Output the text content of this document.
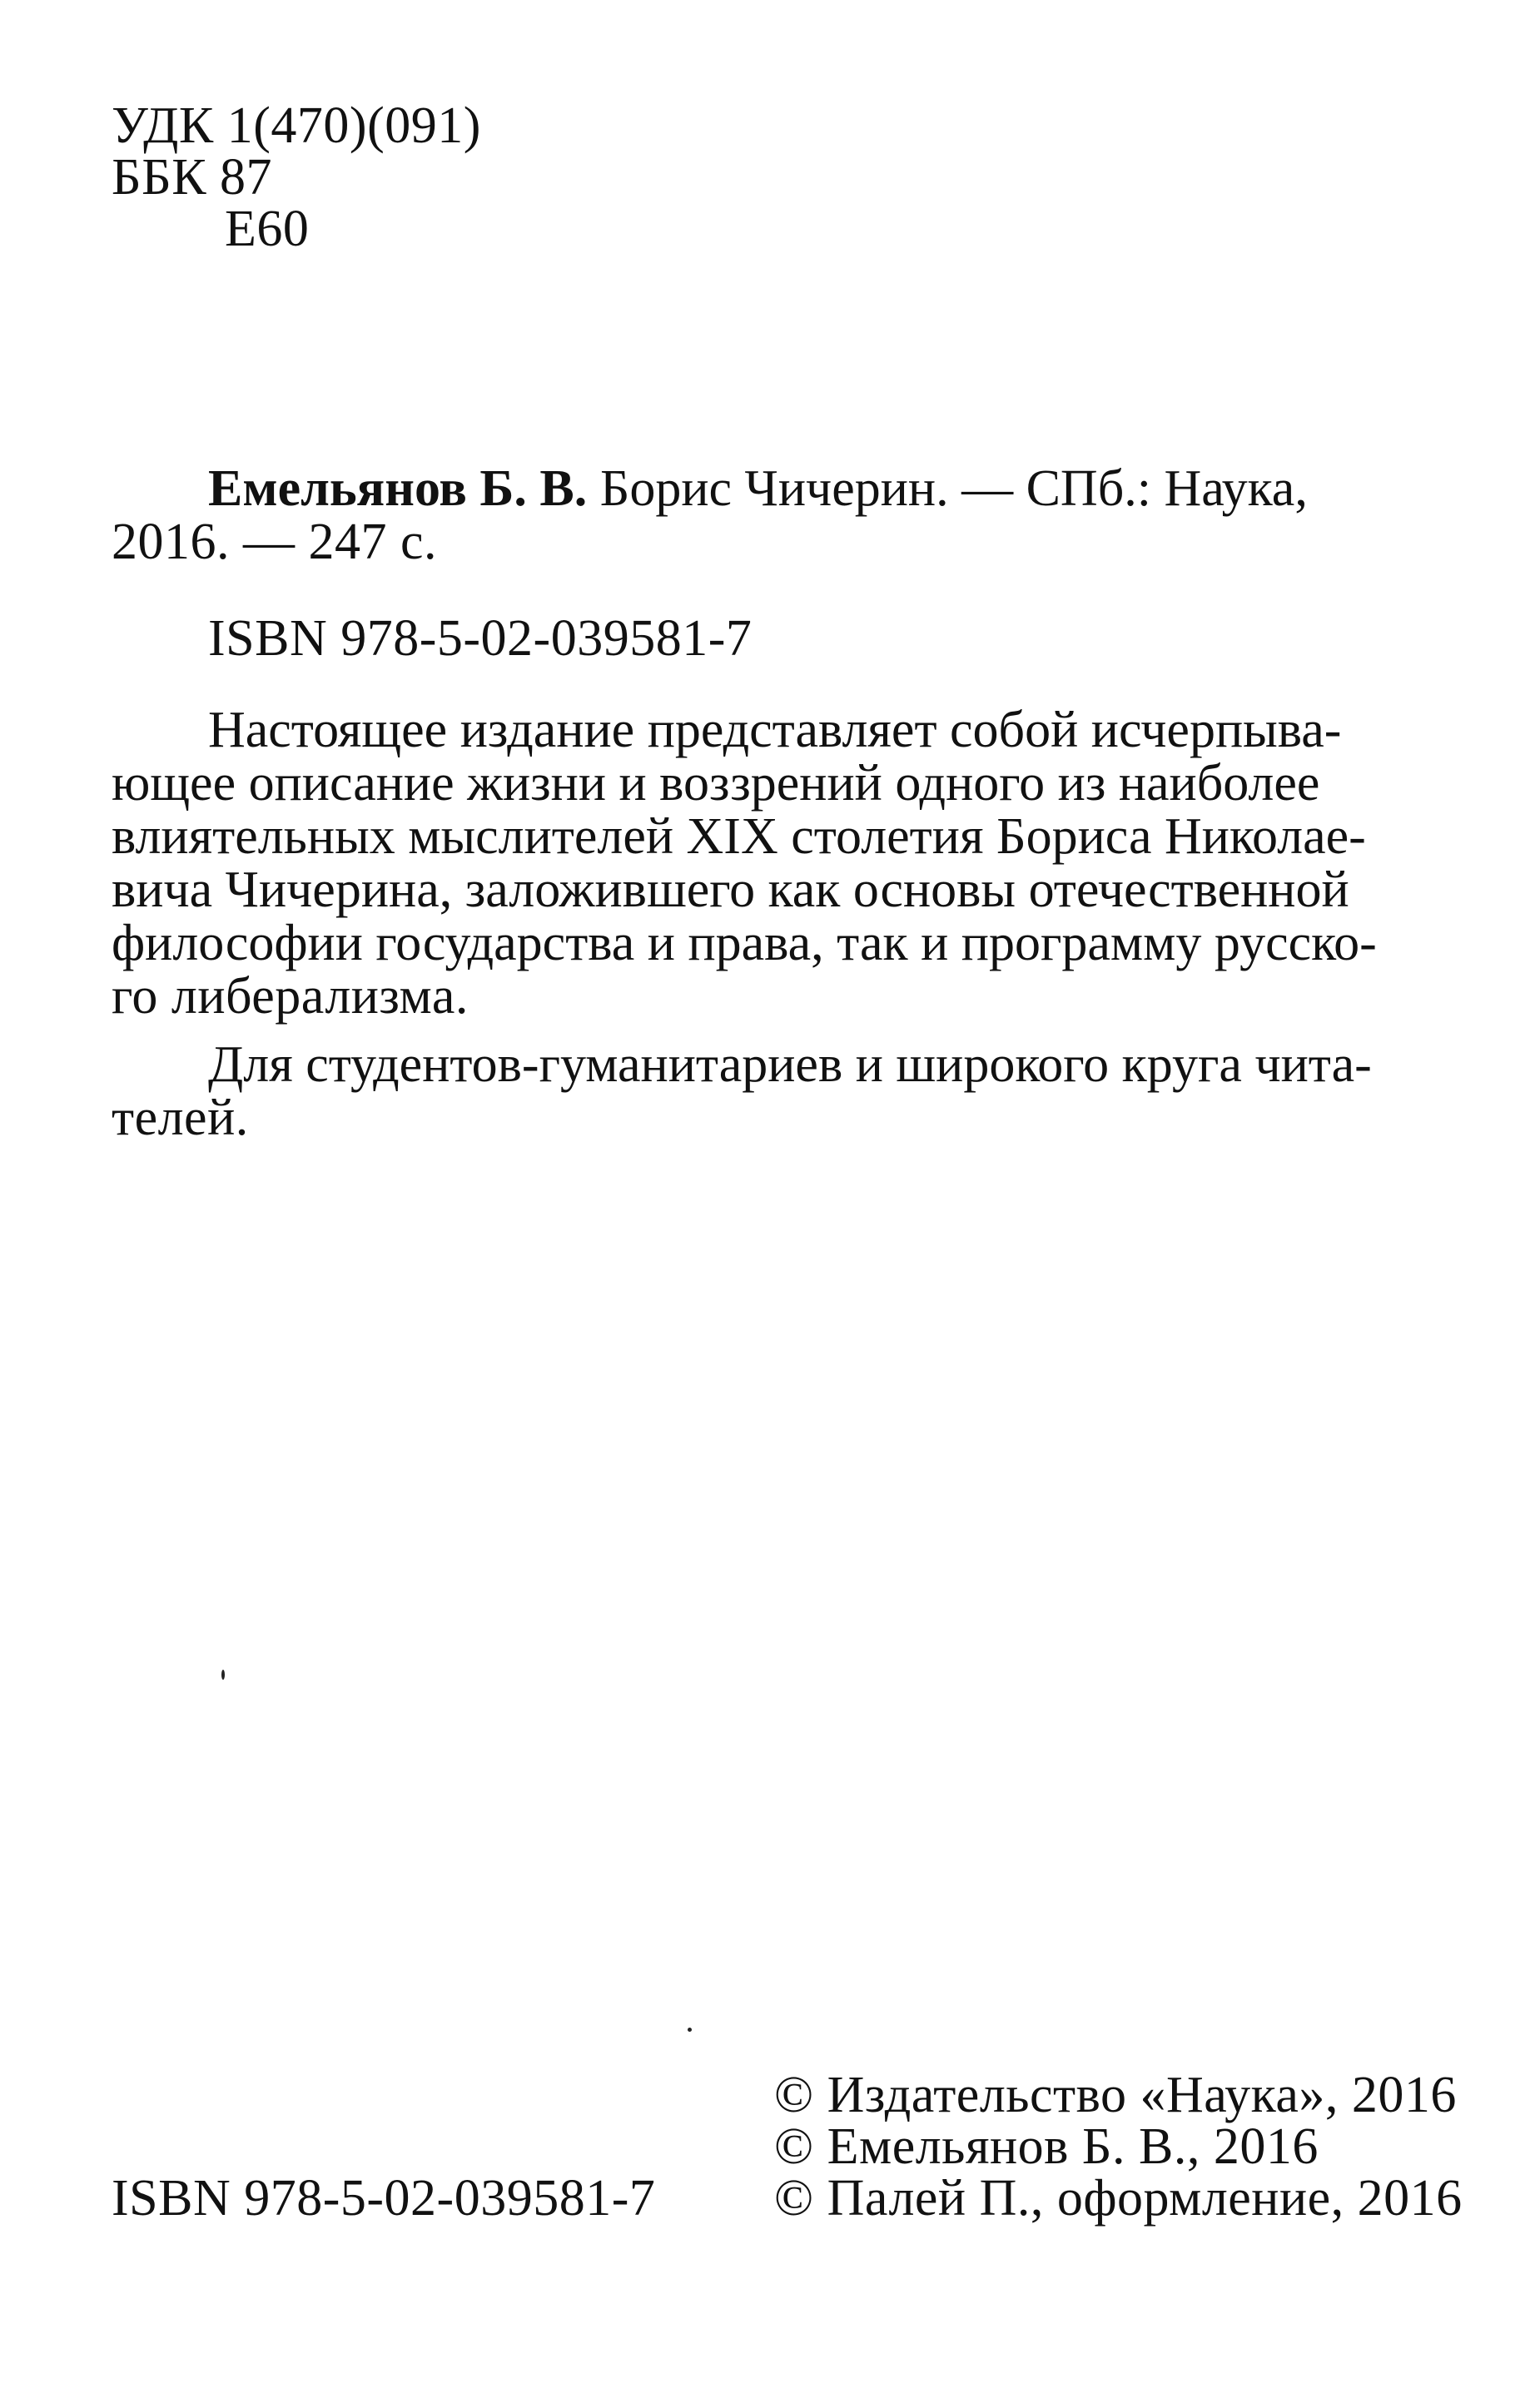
УДК 1(470)(091)
ББК 87
Е60
Емельянов Б. В. Борис Чичерин. — СПб.: Наука,
2016. — 247 с.
ISBN 978-5-02-039581-7
Настоящее издание представляет собой исчерпыва-
ющее описание жизни и воззрений одного из наиболее
влиятельных мыслителей XIX столетия Бориса Николае-
вича Чичерина, заложившего как основы отечественной
философии государства и права, так и программу русско-
го либерализма.
Для студентов-гуманитариев и широкого круга чита-
телей.
© Издательство «Наука», 2016
© Емельянов Б. В., 2016
ISBN 978-5-02-039581-7 © Палей П., оформление, 2016
